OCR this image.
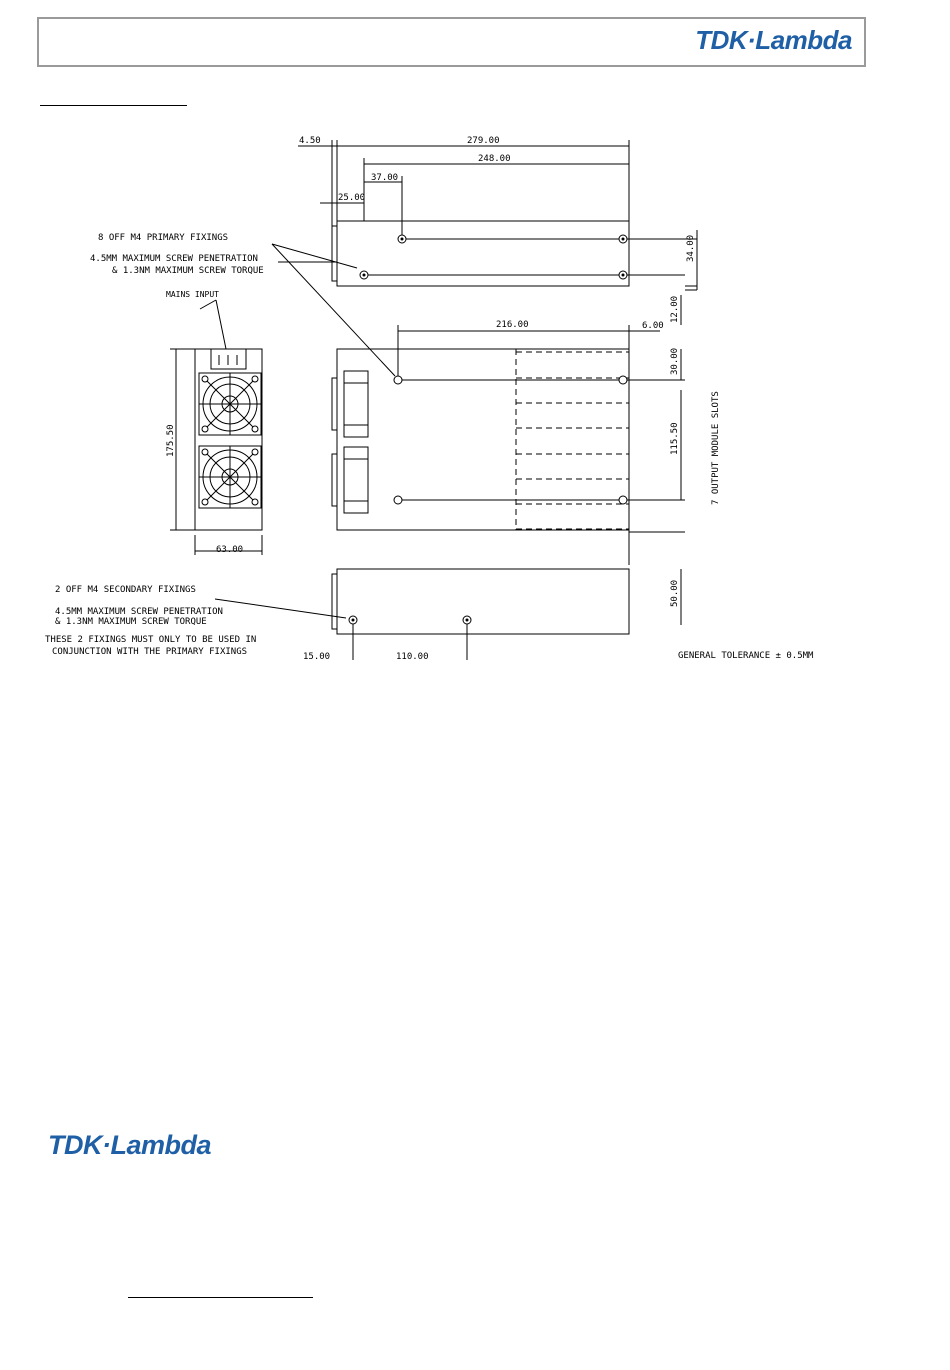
TDK·Lambda
279.00
248.00
37.00
4.50
25.00
34.00
12.00
216.00	6.00
30.00
115.50
175.50
63.00
50.00
15.00	110.00
8 OFF M4 PRIMARY FIXINGS
4.5MM MAXIMUM SCREW PENETRATION
& 1.3NM MAXIMUM SCREW TORQUE
MAINS INPUT
7 OUTPUT MODULE SLOTS
2 OFF M4 SECONDARY FIXINGS
4.5MM MAXIMUM SCREW PENETRATION
& 1.3NM MAXIMUM SCREW TORQUE
THESE 2 FIXINGS MUST ONLY TO BE USED IN
CONJUNCTION WITH THE PRIMARY FIXINGS	GENERAL TOLERANCE ± 0.5MM
TDK·Lambda
